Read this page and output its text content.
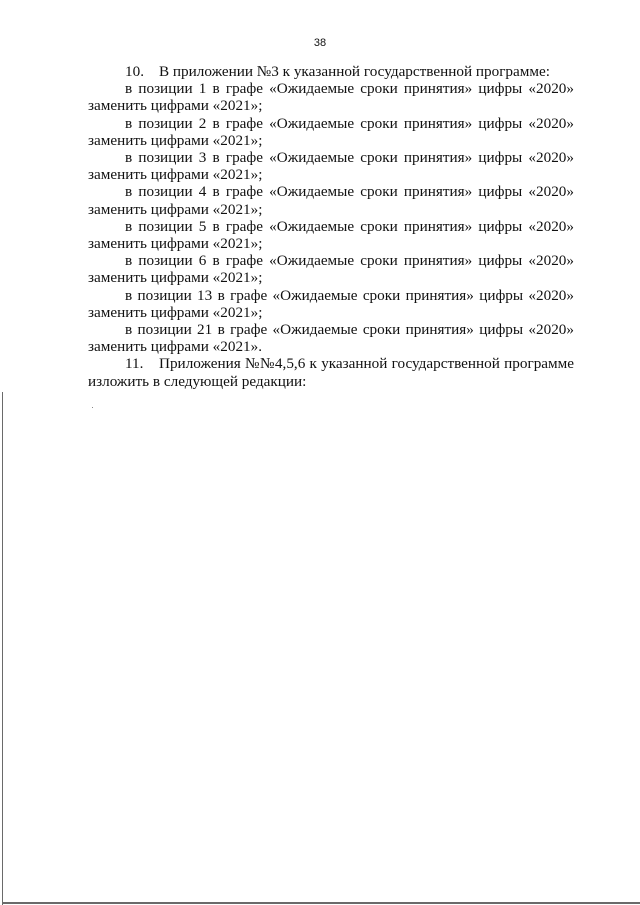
38

10. В приложении №3 к указанной государственной программе:

в позиции 1 в графе «Ожидаемые сроки принятия» цифры «2020» заменить цифрами «2021»;

в позиции 2 в графе «Ожидаемые сроки принятия» цифры «2020» заменить цифрами «2021»;

в позиции 3 в графе «Ожидаемые сроки принятия» цифры «2020» заменить цифрами «2021»;

в позиции 4 в графе «Ожидаемые сроки принятия» цифры «2020» заменить цифрами «2021»;

в позиции 5 в графе «Ожидаемые сроки принятия» цифры «2020» заменить цифрами «2021»;

в позиции 6 в графе «Ожидаемые сроки принятия» цифры «2020» заменить цифрами «2021»;

в позиции 13 в графе «Ожидаемые сроки принятия» цифры «2020» заменить цифрами «2021»;

в позиции 21 в графе «Ожидаемые сроки принятия» цифры «2020» заменить цифрами «2021».

11. Приложения №№4,5,6 к указанной государственной программе изложить в следующей редакции:
